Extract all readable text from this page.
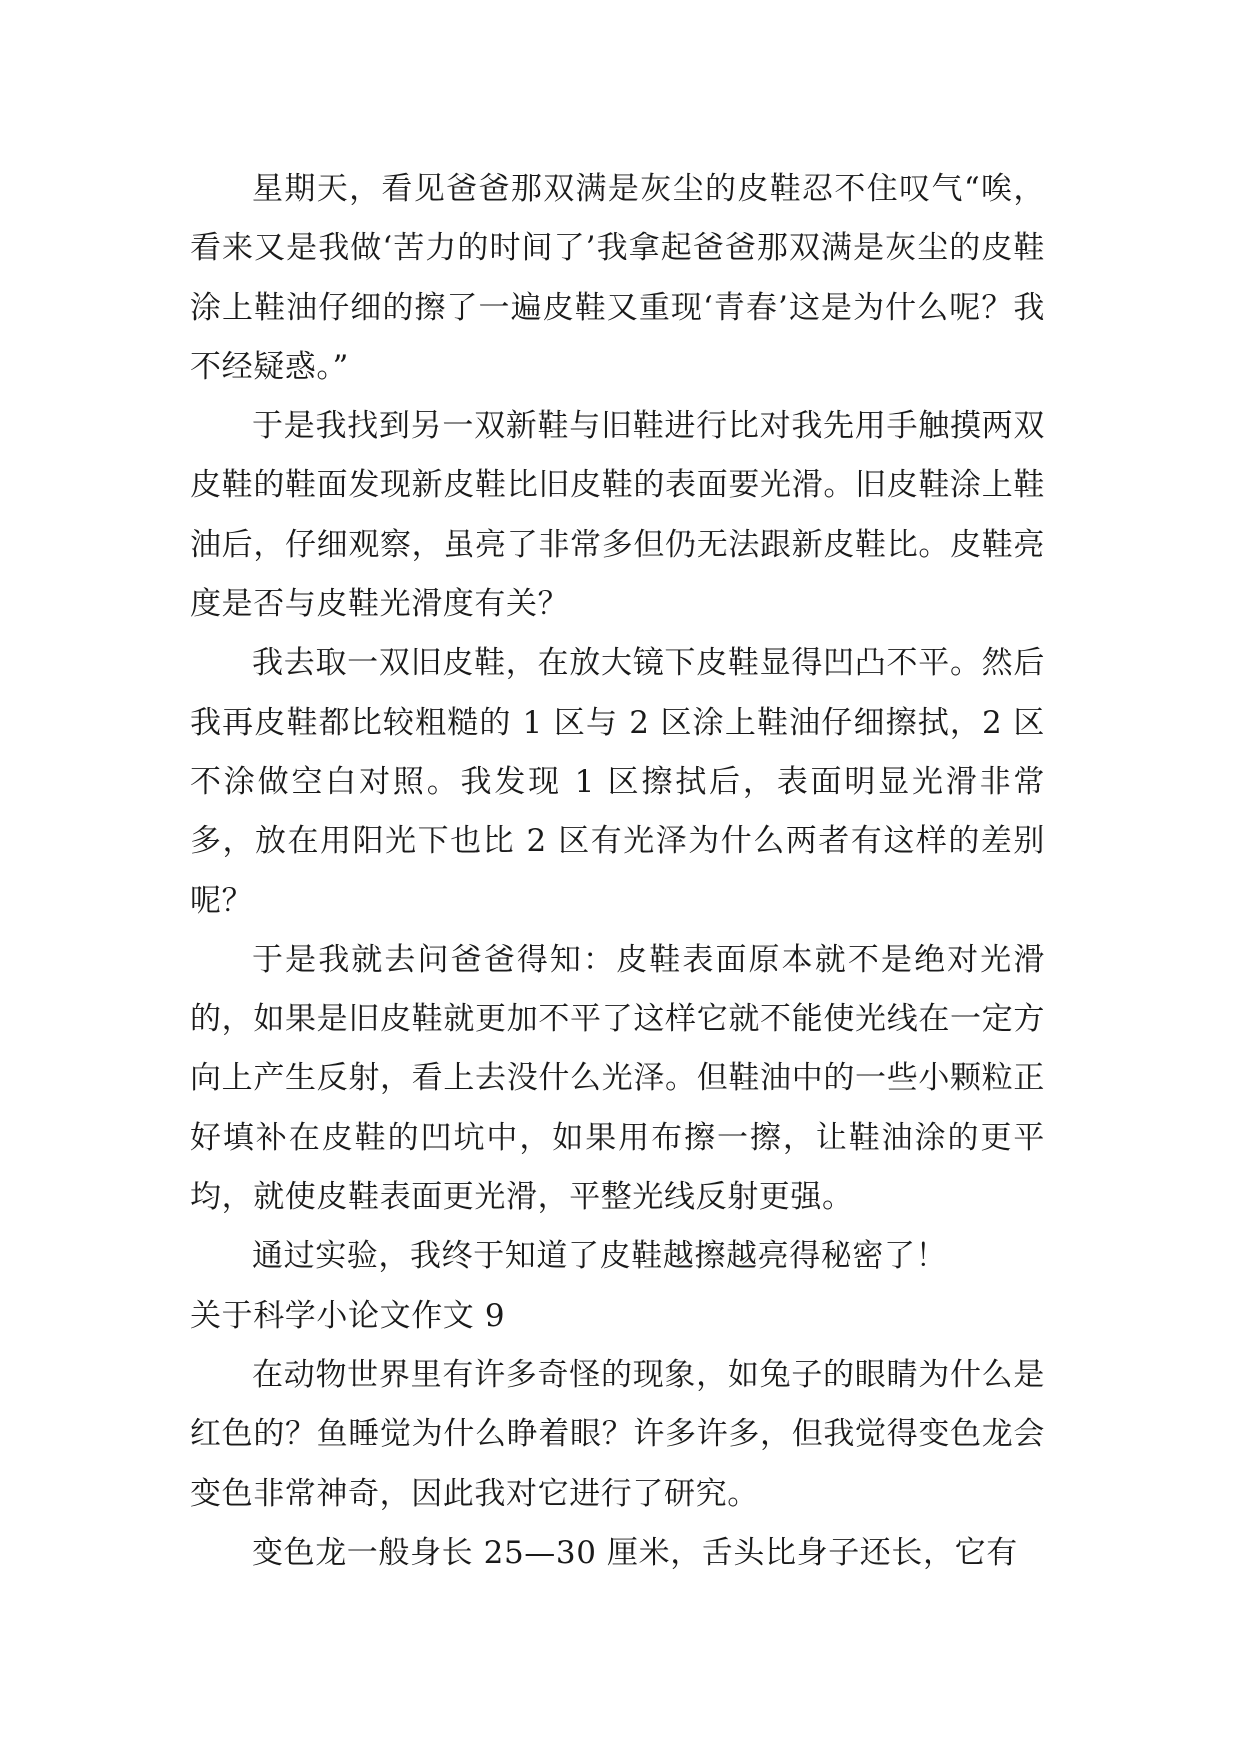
星期天，看见爸爸那双满是灰尘的皮鞋忍不住叹气“唉，看来又是我做‘苦力的时间了’我拿起爸爸那双满是灰尘的皮鞋涂上鞋油仔细的擦了一遍皮鞋又重现‘青春’这是为什么呢？我不经疑惑。”

于是我找到另一双新鞋与旧鞋进行比对我先用手触摸两双皮鞋的鞋面发现新皮鞋比旧皮鞋的表面要光滑。旧皮鞋涂上鞋油后，仔细观察，虽亮了非常多但仍无法跟新皮鞋比。皮鞋亮度是否与皮鞋光滑度有关？

我去取一双旧皮鞋，在放大镜下皮鞋显得凹凸不平。然后我再皮鞋都比较粗糙的 1 区与 2 区涂上鞋油仔细擦拭，2 区不涂做空白对照。我发现 1 区擦拭后，表面明显光滑非常多，放在用阳光下也比 2 区有光泽为什么两者有这样的差别呢？

于是我就去问爸爸得知：皮鞋表面原本就不是绝对光滑的，如果是旧皮鞋就更加不平了这样它就不能使光线在一定方向上产生反射，看上去没什么光泽。但鞋油中的一些小颗粒正好填补在皮鞋的凹坑中，如果用布擦一擦，让鞋油涂的更平均，就使皮鞋表面更光滑，平整光线反射更强。

通过实验，我终于知道了皮鞋越擦越亮得秘密了！

关于科学小论文作文 9

在动物世界里有许多奇怪的现象，如兔子的眼睛为什么是红色的？鱼睡觉为什么睁着眼？许多许多，但我觉得变色龙会变色非常神奇，因此我对它进行了研究。

变色龙一般身长 25—30 厘米，舌头比身子还长，它有
